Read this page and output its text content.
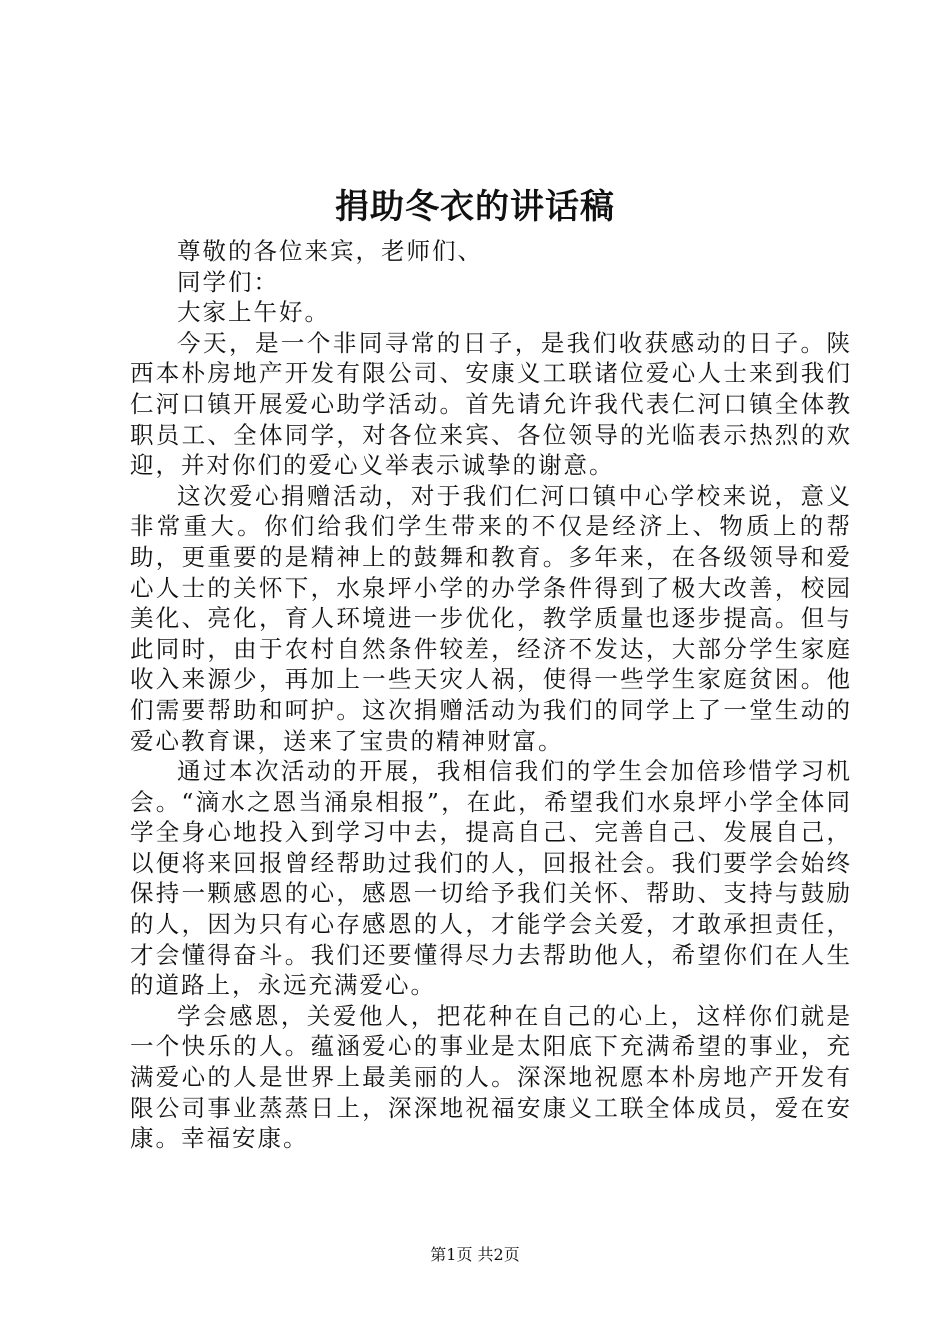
捐助冬衣的讲话稿

尊敬的各位来宾，老师们、

同学们：

大家上午好。

今天，是一个非同寻常的日子，是我们收获感动的日子。陕西本朴房地产开发有限公司、安康义工联诸位爱心人士来到我们仁河口镇开展爱心助学活动。首先请允许我代表仁河口镇全体教职员工、全体同学，对各位来宾、各位领导的光临表示热烈的欢迎，并对你们的爱心义举表示诚挚的谢意。

这次爱心捐赠活动，对于我们仁河口镇中心学校来说，意义非常重大。你们给我们学生带来的不仅是经济上、物质上的帮助，更重要的是精神上的鼓舞和教育。多年来，在各级领导和爱心人士的关怀下，水泉坪小学的办学条件得到了极大改善，校园美化、亮化，育人环境进一步优化，教学质量也逐步提高。但与此同时，由于农村自然条件较差，经济不发达，大部分学生家庭收入来源少，再加上一些天灾人祸，使得一些学生家庭贫困。他们需要帮助和呵护。这次捐赠活动为我们的同学上了一堂生动的爱心教育课，送来了宝贵的精神财富。

通过本次活动的开展，我相信我们的学生会加倍珍惜学习机会。“滴水之恩当涌泉相报”，在此，希望我们水泉坪小学全体同学全身心地投入到学习中去，提高自己、完善自己、发展自己，以便将来回报曾经帮助过我们的人，回报社会。我们要学会始终保持一颗感恩的心，感恩一切给予我们关怀、帮助、支持与鼓励的人，因为只有心存感恩的人，才能学会关爱，才敢承担责任，才会懂得奋斗。我们还要懂得尽力去帮助他人，希望你们在人生的道路上，永远充满爱心。

学会感恩，关爱他人，把花种在自己的心上，这样你们就是一个快乐的人。蕴涵爱心的事业是太阳底下充满希望的事业，充满爱心的人是世界上最美丽的人。深深地祝愿本朴房地产开发有限公司事业蒸蒸日上，深深地祝福安康义工联全体成员，爱在安康。幸福安康。

第1页 共2页
